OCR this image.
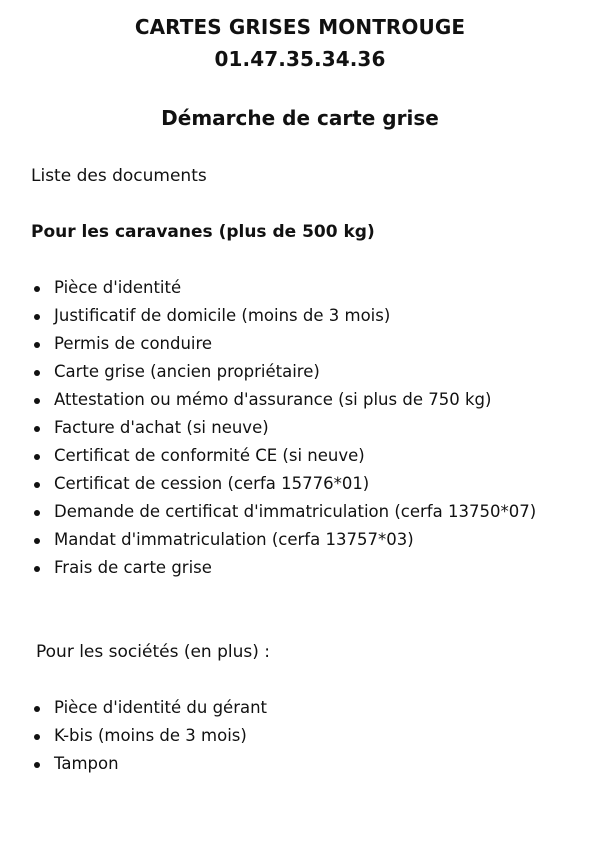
CARTES GRISES MONTROUGE
01.47.35.34.36
Démarche de carte grise
Liste des documents
Pour les caravanes (plus de 500 kg)
Pièce d'identité
Justificatif de domicile (moins de 3 mois)
Permis de conduire
Carte grise (ancien propriétaire)
Attestation ou mémo d'assurance (si plus de 750 kg)
Facture d'achat (si neuve)
Certificat de conformité CE (si neuve)
Certificat de cession (cerfa 15776*01)
Demande de certificat d'immatriculation (cerfa 13750*07)
Mandat d'immatriculation (cerfa 13757*03)
Frais de carte grise
Pour les sociétés (en plus) :
Pièce d'identité du gérant
K-bis (moins de 3 mois)
Tampon
